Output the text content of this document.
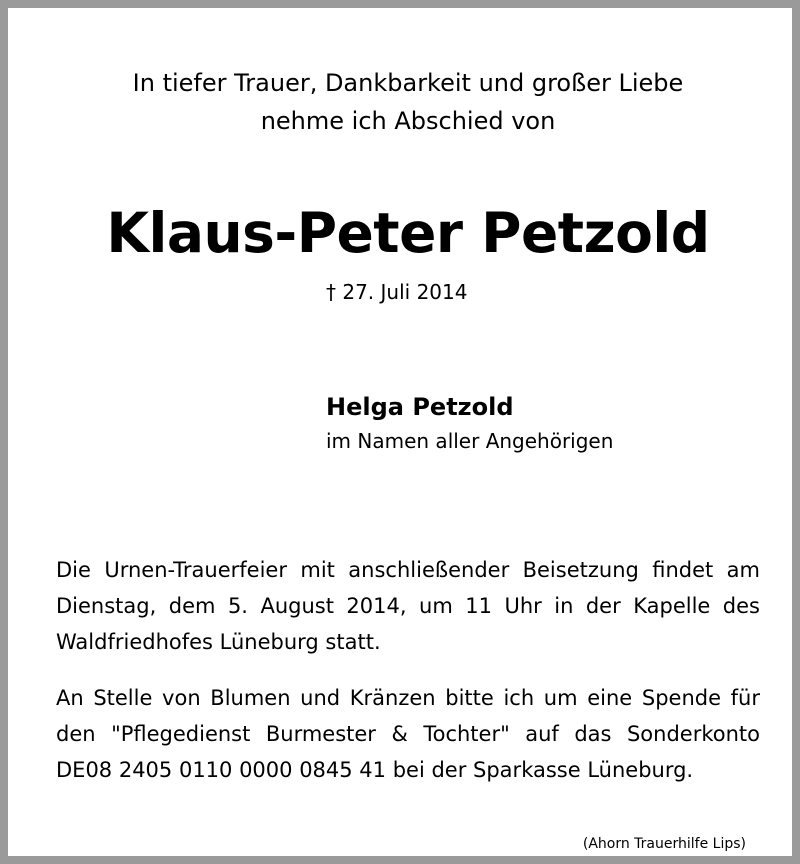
In tiefer Trauer, Dankbarkeit und großer Liebe
nehme ich Abschied von
Klaus-Peter Petzold
† 27. Juli 2014
Helga Petzold
im Namen aller Angehörigen
Die Urnen-Trauerfeier mit anschließender Beisetzung findet am Dienstag, dem 5. August 2014, um 11 Uhr in der Kapelle des Waldfriedhofes Lüneburg statt.
An Stelle von Blumen und Kränzen bitte ich um eine Spende für den "Pflegedienst Burmester & Tochter" auf das Sonderkonto DE08 2405 0110 0000 0845 41 bei der Sparkasse Lüneburg.
(Ahorn Trauerhilfe Lips)
